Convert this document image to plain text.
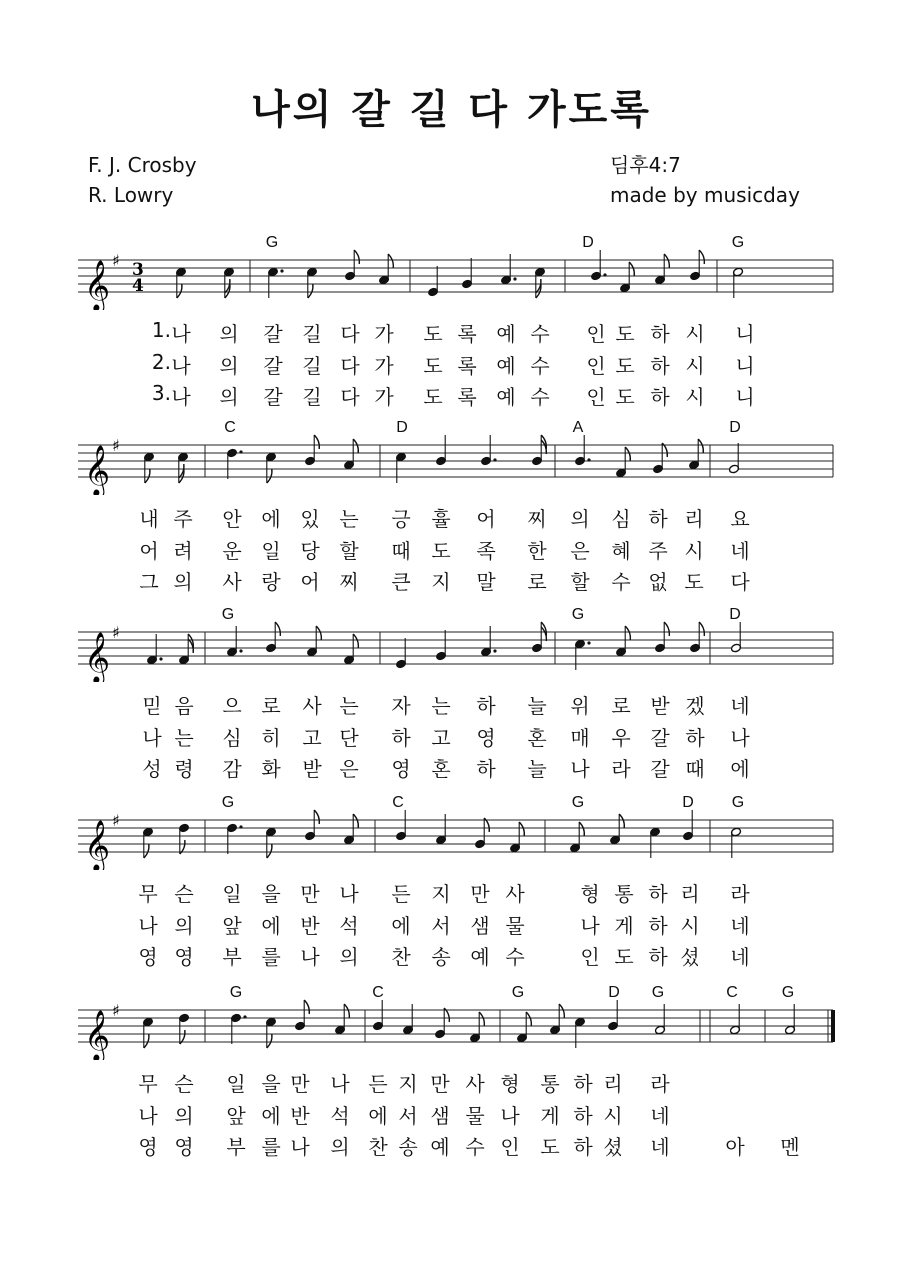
나의 갈 길 다 가도록
F. J. Crosby
R. Lowry
딤후4:7
made by musicday
𝄞 ♯ 3
4
G	D	G
1. 나 의 갈 길 다 가 도 록 예 수 인 도 하 시 니
2. 나 의 갈 길 다 가 도 록 예 수 인 도 하 시 니
3. 나 의 갈 길 다 가 도 록 예 수 인 도 하 시 니
𝄞 ♯
C	D	A	D
내 주 안 에 있 는 긍 휼 어 찌 의 심 하 리 요
어 려 운 일 당 할 때 도 족 한 은 혜 주 시 네
그 의 사 랑 어 찌 큰 지 말 로 할 수 없 도 다
𝄞 ♯
G	G	D
믿 음 으 로 사 는 자 는 하 늘 위 로 받 겠 네
나 는 심 히 고 단 하 고 영 혼 매 우 갈 하 나
성 령 감 화 받 은 영 혼 하 늘 나 라 갈 때 에
𝄞 ♯
G	C	G	D G
무 슨 일 을 만 나 든 지 만 사	형 통 하 리 라
나 의 앞 에 반 석 에 서 샘 물	나 게 하 시 네
영 영 부 를 나 의 찬 송 예 수	인 도 하 셨 네
𝄞 ♯
G	C	G	D G	C	G
무 슨 일 을 만 나 든 지 만 사 형 통 하 리 라
나 의 앞 에 반 석 에 서 샘 물 나 게 하 시 네
영 영 부 를 나 의 찬 송 예 수 인 도 하 셨 네	아 멘
